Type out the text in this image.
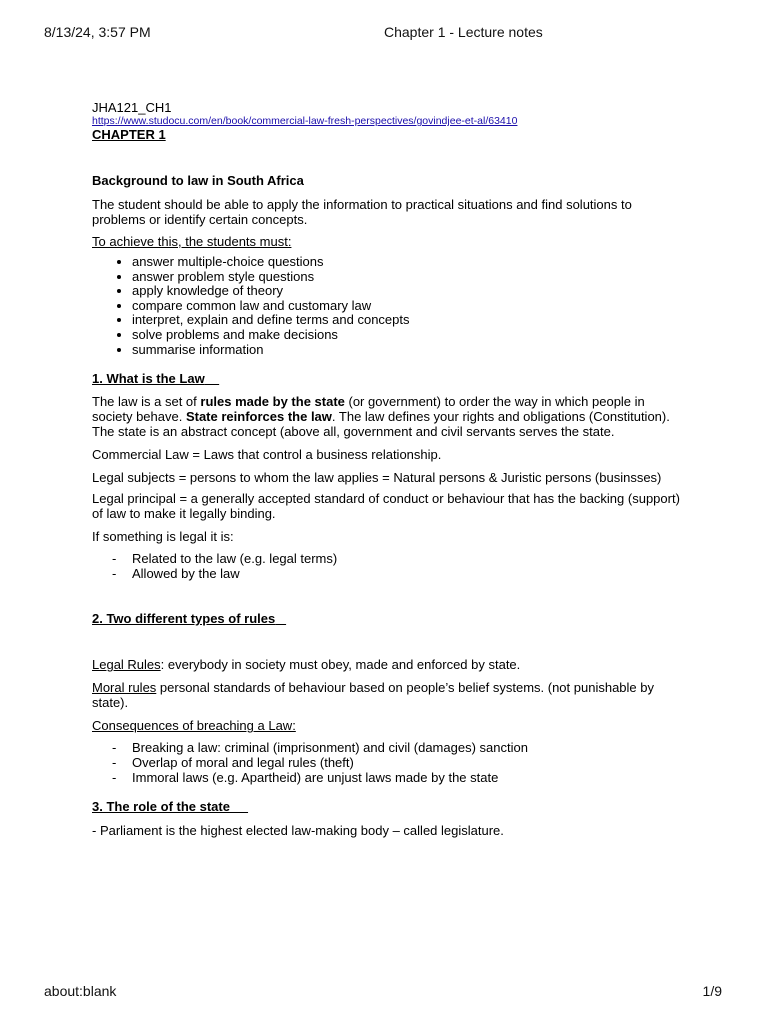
8/13/24, 3:57 PM	Chapter 1 - Lecture notes

JHA121_CH1

https://www.studocu.com/en/book/commercial-law-fresh-perspectives/govindjee-et-al/63410

CHAPTER 1

Background to law in South Africa

The student should be able to apply the information to practical situations and find solutions to problems or identify certain concepts.

To achieve this, the students must:

• answer multiple-choice questions
• answer problem style questions
• apply knowledge of theory
• compare common law and customary law
• interpret, explain and define terms and concepts
• solve problems and make decisions
• summarise information

1. What is the Law

The law is a set of rules made by the state (or government) to order the way in which people in society behave. State reinforces the law. The law defines your rights and obligations (Constitution). The state is an abstract concept (above all, government and civil servants serves the state.

Commercial Law = Laws that control a business relationship.

Legal subjects = persons to whom the law applies = Natural persons & Juristic persons (businsses)

Legal principal = a generally accepted standard of conduct or behaviour that has the backing (support) of law to make it legally binding.

If something is legal it is:

- Related to the law (e.g. legal terms)
- Allowed by the law

2. Two different types of rules

Legal Rules: everybody in society must obey, made and enforced by state.

Moral rules personal standards of behaviour based on people’s belief systems. (not punishable by state).

Consequences of breaching a Law:

- Breaking a law: criminal (imprisonment) and civil (damages) sanction
- Overlap of moral and legal rules (theft)
- Immoral laws (e.g. Apartheid) are unjust laws made by the state

3. The role of the state

- Parliament is the highest elected law-making body – called legislature.

about:blank	1/9
